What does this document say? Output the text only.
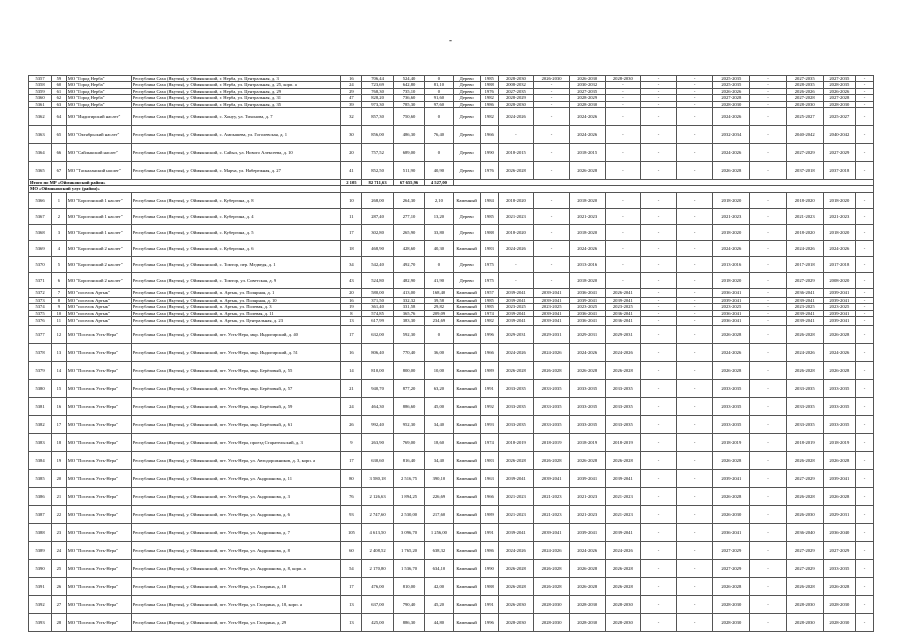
-
5357	59	МО "Город Нерба"	Республика Саха (Якутия), у. Оймяконский, г. Нерба, ул. Центральная, д. 3	16	706,44	524,40	0	Дерево	1985	2028-2030	2026-2030	2026-2030	2028-2030	-	-	2025-2035	-	2027-2035	2027-2035	-
5358	60	МО "Город Нерба"	Республика Саха (Якутия), у. Оймяконский, г. Нерба, ул. Центральная, д. 25, корп. а	24	723,69	642,80	81,10	Дерево	1988	2008-2032	-	2030-2032	-	-	-	2025-2035	-	2028-2035	2028-2035	-
5359	61	МО "Город Нерба"	Республика Саха (Якутия), у. Оймяконский, г. Нерба, ул. Центральная, д. 29	29	768,30	735,10	0	Дерево	1976	2027-2035	-	2027-2035	-	-	-	2026-2026	-	2026-2026	2026-2026	-
5360	62	МО "Город Нерба"	Республика Саха (Якутия), у. Оймяконский, г. Нерба, ул. Центральная, д. 31	47	828,20	736,60	91,60	Дерево	1982	2028-2029	-	2028-2029	-	-	-	2027-2028	-	2027-2028	2027-2028	-
5361	63	МО "Город Нерба"	Республика Саха (Якутия), у. Оймяконский, г. Нерба, ул. Центральная, д. 35	39	973,30	785,30	97,60	Дерево	1986	2028-2030	-	2028-2030	-	-	-	2028-2030	-	2028-2030	2028-2030	-
5362	64	МО "Индигирский наслег"	Республика Саха (Якутия), у. Оймяконский, с. Хонуу, ул. Тихонова, д. 7	32	857,30	750,60	0	Дерево	1982	2024-2026	-	2024-2026	-	-	-	2024-2026	-	2025-2027	2025-2027	-
5363	65	МО "Октябрьский наслег"	Республика Саха (Якутия), у. Оймяконский, с. Ампышева, ул. Гоголевская, д. 1	30	856,00	486,30	76,40	Дерево	1966	-	-	2024-2026	-	-	-	2032-2034	-	2040-2042	2040-2042	-
5364	66	МО "Сайлыкский наслег"	Республика Саха (Якутия), у. Оймяконский, с. Сайыл, ул. Нового Алексеева, д. 10	20	757,52	689,00	0	Дерево	1990	2018-2015	-	2018-2015	-	-	-	2024-2026	-	2027-2029	2027-2029	-
5365	67	МО "Таскаланский наслег"	Республика Саха (Якутия), у. Оймяконский, с. Марча, ул. Набережная, д. 27	41	852,50	511,90	40,90	Дерево	1976	2026-2028	-	2026-2028	-	-	-	2026-2028	-	2037-2018	2037-2018	-
Итого по МР «Оймяконский район»				2 105	82 711,63	67 655,96	4 527,00													
МО «Оймяконский улус (район)»																				
5366	1	МО "Борогонский 1 наслег"	Республика Саха (Якутия), у. Оймяконский, с. Кубергина, д. 8	10	268,00	264,30	2,10	Каменный	1984	2018-2020	-	2018-2020	-	-	-	2018-2020	-	2018-2020	2018-2020	-
5367	2	МО "Борогонский 1 наслег"	Республика Саха (Якутия), у. Оймяконский, с. Кубергина, д. 4	11	287,40	277,10	13,20	Дерево	1985	2021-2023	-	2021-2023	-	-	-	2021-2023	-	2021-2023	2021-2023	-
5368	3	МО "Борогонский 1 наслег"	Республика Саха (Якутия), у. Оймяконский, с. Кубергина, д. 5	17	302,80	265,90	33,80	Дерево	1988	2018-2020	-	2018-2020	-	-	-	2018-2020	-	2018-2020	2018-2020	-
5369	4	МО "Борогонский 2 наслег"	Республика Саха (Якутия), у. Оймяконский, с. Кубергина, д. 6	18	468,90	428,60	40,30	Каменный	1983	2024-2026	-	2024-2026	-	-	-	2024-2026	-	2024-2026	2024-2026	-
5370	5	МО "Борогонский 2 наслег"	Республика Саха (Якутия), у. Оймяконский, с. Томтор, пер. Медведя, д. 1	34	542,40	492,70	0	Дерево	1975	-	-	2013-2016	-	-	-	2013-2016	-	2017-2018	2017-2018	-
5371	6	МО "Борогонский 2 наслег"	Республика Саха (Якутия), у. Оймяконский, с. Томтор, ул. Советская, д. 9	43	524,80	482,90	41,90	Дерево	1975	-	-	2018-2020	-	-	-	2018-2020	-	2027-2029	2008-2020	-
5372	7	МО "поселок Артык"	Республика Саха (Якутия), у. Оймяконский, п. Артык, ул. Полярная, д. 1	20	580,00	413,00	168,40	Каменный	1957	2039-2041	2039-2041	2036-2041	2026-2041	-	-	2036-2041	-	2036-2041	2039-2041	-
5373	8	МО "поселок Артык"	Республика Саха (Якутия), у. Оймяконский, п. Артык, ул. Полярная, д. 10	16	371,50	332,32	39,58	Каменный	1985	2039-2041	2039-2041	2039-2041	2039-2041	-	-	2039-2041	-	2039-2041	2039-2041	-
5374	9	МО "поселок Артык"	Республика Саха (Якутия), у. Оймяконский, п. Артык, ул. Полевая, д. 3	19	361,40	331,58	29,82	Каменный	1985	2023-2025	2023-2025	2023-2025	2023-2025	-	-	2023-2025	-	2023-2025	2023-2025	-
5375	10	МО "поселок Артык"	Республика Саха (Якутия), у. Оймяконский, п. Артык, ул. Полевая, д. 11	8	574,85	365,76	209,09	Каменный	1974	2039-2041	2039-2041	2036-2041	2036-2041	-	-	2036-2041	-	2039-2041	2039-2041	-
5376	11	МО "поселок Артык"	Республика Саха (Якутия), у. Оймяконский, п. Артык, ул. Центральная, д. 23	13	617,99	383,30	234,69	Каменный	1982	2039-2041	2039-2041	2036-2041	2036-2041	-	-	2036-2041	-	2039-2041	2039-2041	-
5377	12	МО "Поселок Усть-Нера"	Республика Саха (Якутия), у. Оймяконский, пгт. Усть-Нера, мкр. Индигирский, д. 40	17	632,00	592,30	0	Каменный	1996	2029-2031	2029-2031	2029-2031	2029-2031	-	-	2026-2028	-	2026-2028	2026-2028	-
5378	13	МО "Поселок Усть-Нера"	Республика Саха (Якутия), у. Оймяконский, пгт. Усть-Нера, мкр. Индигирский, д. 51	16	806,40	770,40	36,00	Каменный	1966	2024-2026	2024-2026	2024-2026	2024-2026	-	-	2024-2026	-	2024-2026	2024-2026	-
5379	14	МО "Поселок Усть-Нера"	Республика Саха (Якутия), у. Оймяконский, пгт. Усть-Нера, мкр. Берёзовый, д. 55	14	810,00	800,00	10,00	Каменный	1989	2026-2028	2026-2028	2026-2028	2026-2028	-	-	2026-2028	-	2026-2028	2026-2028	-
5380	15	МО "Поселок Усть-Нера"	Республика Саха (Якутия), у. Оймяконский, пгт. Усть-Нера, мкр. Берёзовый, д. 57	21	940,70	877,20	63,20	Каменный	1991	2033-2035	2033-2035	2033-2035	2033-2035	-	-	2033-2035	-	2033-2035	2033-2035	-
5381	16	МО "Поселок Усть-Нера"	Республика Саха (Якутия), у. Оймяконский, пгт. Усть-Нера, мкр. Берёзовый, д. 59	24	464,30	886,60	45,00	Каменный	1992	2033-2035	2033-2035	2033-2035	2033-2035	-	-	2033-2035	-	2033-2035	2033-2035	-
5382	17	МО "Поселок Усть-Нера"	Республика Саха (Якутия), у. Оймяконский, пгт. Усть-Нера, мкр. Берёзовый, д. 61	26	992,40	952,30	34,40	Каменный	1993	2033-2035	2033-2035	2033-2035	2033-2035	-	-	2033-2035	-	2033-2035	2033-2035	-
5383	18	МО "Поселок Усть-Нера"	Республика Саха (Якутия), у. Оймяконский, пгт. Усть-Нера, проезд Старательский, д. 3	9	263,90	769,00	18,60	Каменный	1974	2018-2019	2018-2019	2018-2019	2018-2019	-	-	2018-2019	-	2018-2019	2018-2019	-
5384	19	МО "Поселок Усть-Нера"	Республика Саха (Якутия), у. Оймяконский, пгт. Усть-Нера, ул. Автодорожников, д. 3, корп. а	17	630,60	816,40	34,40	Каменный	1983	2026-2028	2026-2028	2026-2028	2026-2028	-	-	2026-2028	-	2026-2028	2026-2028	-
5385	20	МО "Поселок Усть-Нера"	Республика Саха (Якутия), у. Оймяконский, пгт. Усть-Нера, ул. Андрианова, д. 11	80	3 580,18	2 516,75	390,10	Каменный	1963	2039-2041	2039-2041	2039-2041	2039-2041	-	-	2039-2041	-	2027-2029	2039-2041	-
5386	21	МО "Поселок Усть-Нера"	Республика Саха (Якутия), у. Оймяконский, пгт. Усть-Нера, ул. Андрианова, д. 3	76	2 126,63	1 894,25	226,69	Каменный	1966	2021-2023	2021-2023	2021-2023	2021-2023	-	-	2026-2028	-	2026-2028	2026-2028	-
5387	22	МО "Поселок Усть-Нера"	Республика Саха (Якутия), у. Оймяконский, пгт. Усть-Нера, ул. Андрианова, д. 6	93	2 747,60	2 530,00	217,60	Каменный	1989	2021-2023	2021-2023	2021-2023	2021-2023	-	-	2026-2030	-	2026-2030	2029-2031	-
5388	23	МО "Поселок Усть-Нера"	Республика Саха (Якутия), у. Оймяконский, пгт. Усть-Нера, ул. Андрианова, д. 7	105	4 613,50	3 096,70	1 256,00	Каменный	1991	2039-2041	2039-2041	2039-2041	2039-2041	-	-	2036-2041	-	2036-2040	2036-2040	-
5389	24	МО "Поселок Усть-Нера"	Республика Саха (Якутия), у. Оймяконский, пгт. Усть-Нера, ул. Андрианова, д. 8	60	2 408,52	1 765,20	638,32	Каменный	1986	2024-2026	2024-2026	2024-2026	2024-2026	-	-	2027-2029	-	2027-2029	2027-2029	-
5390	25	МО "Поселок Усть-Нера"	Республика Саха (Якутия), у. Оймяконский, пгт. Усть-Нера, ул. Андрианова, д. 8, корп. а	54	2 170,80	1 536,70	634,10	Каменный	1990	2026-2028	2026-2028	2026-2028	2026-2028	-	-	2027-2029	-	2027-2029	2033-2035	-
5391	26	МО "Поселок Усть-Нера"	Республика Саха (Якутия), у. Оймяконский, пгт. Усть-Нера, ул. Гагарина, д. 18	17	476,00	810,00	42,00	Каменный	1988	2026-2028	2026-2028	2026-2028	2026-2028	-	-	2026-2028	-	2026-2028	2026-2028	-
5392	27	МО "Поселок Усть-Нера"	Республика Саха (Якутия), у. Оймяконский, пгт. Усть-Нера, ул. Гагарина, д. 18, корп. а	13	637,00	790,40	45,20	Каменный	1991	2026-2030	2028-2030	2028-2030	2028-2030	-	-	2028-2030	-	2028-2030	2028-2030	-
5393	28	МО "Поселок Усть-Нера"	Республика Саха (Якутия), у. Оймяконский, пгт. Усть-Нера, ул. Гагарина, д. 29	13	425,00	886,30	44,80	Каменный	1996	2028-2030	2028-2030	2028-2030	2028-2030	-	-	2028-2030	-	2028-2030	2028-2030	-
